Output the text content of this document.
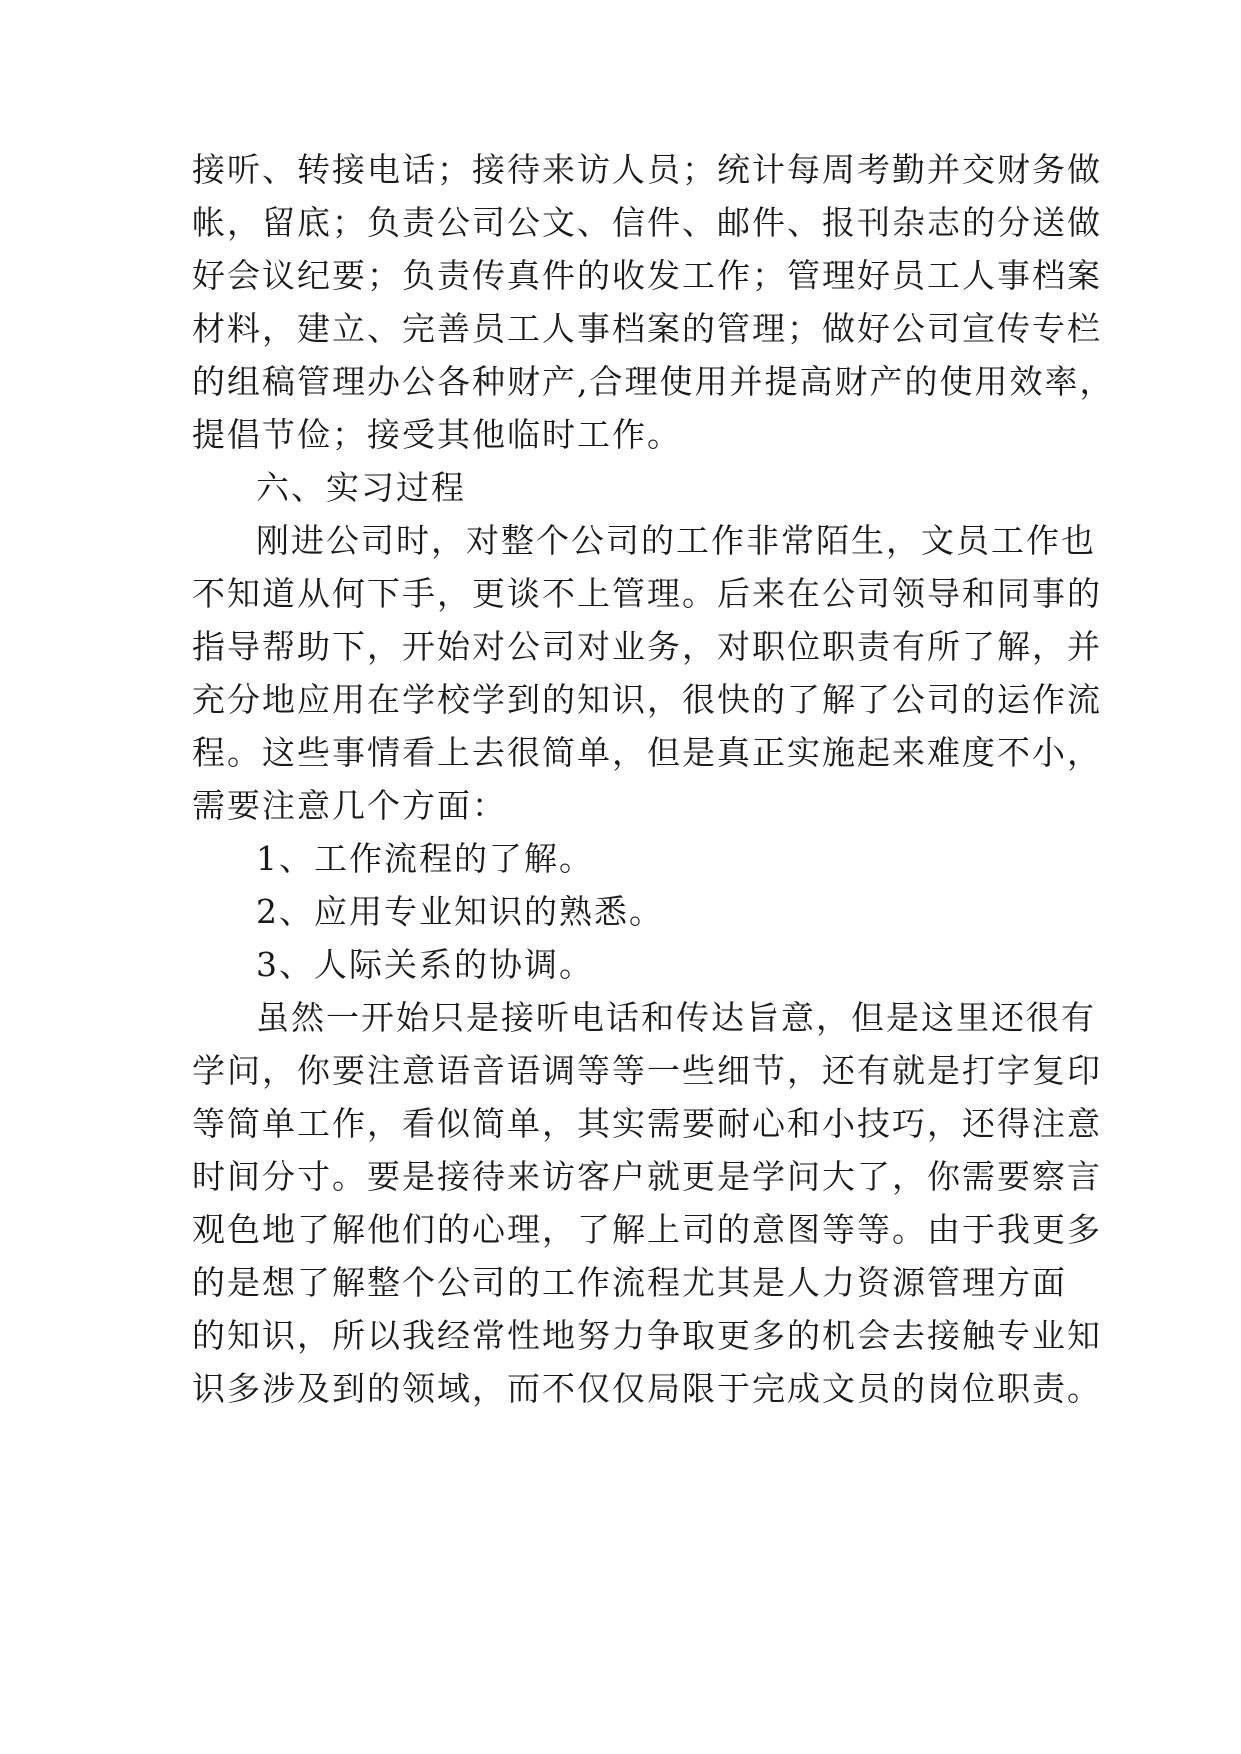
接听、转接电话；接待来访人员；统计每周考勤并交财务做
帐，留底；负责公司公文、信件、邮件、报刊杂志的分送做
好会议纪要；负责传真件的收发工作；管理好员工人事档案
材料，建立、完善员工人事档案的管理；做好公司宣传专栏
的组稿管理办公各种财产,合理使用并提高财产的使用效率，
提倡节俭；接受其他临时工作。
六、实习过程
刚进公司时，对整个公司的工作非常陌生，文员工作也
不知道从何下手，更谈不上管理。后来在公司领导和同事的
指导帮助下，开始对公司对业务，对职位职责有所了解，并
充分地应用在学校学到的知识，很快的了解了公司的运作流
程。这些事情看上去很简单，但是真正实施起来难度不小，
需要注意几个方面：
1、工作流程的了解。
2、应用专业知识的熟悉。
3、人际关系的协调。
虽然一开始只是接听电话和传达旨意，但是这里还很有
学问，你要注意语音语调等等一些细节，还有就是打字复印
等简单工作，看似简单，其实需要耐心和小技巧，还得注意
时间分寸。要是接待来访客户就更是学问大了，你需要察言
观色地了解他们的心理，了解上司的意图等等。由于我更多
的是想了解整个公司的工作流程尤其是人力资源管理方面
的知识，所以我经常性地努力争取更多的机会去接触专业知
识多涉及到的领域，而不仅仅局限于完成文员的岗位职责。
